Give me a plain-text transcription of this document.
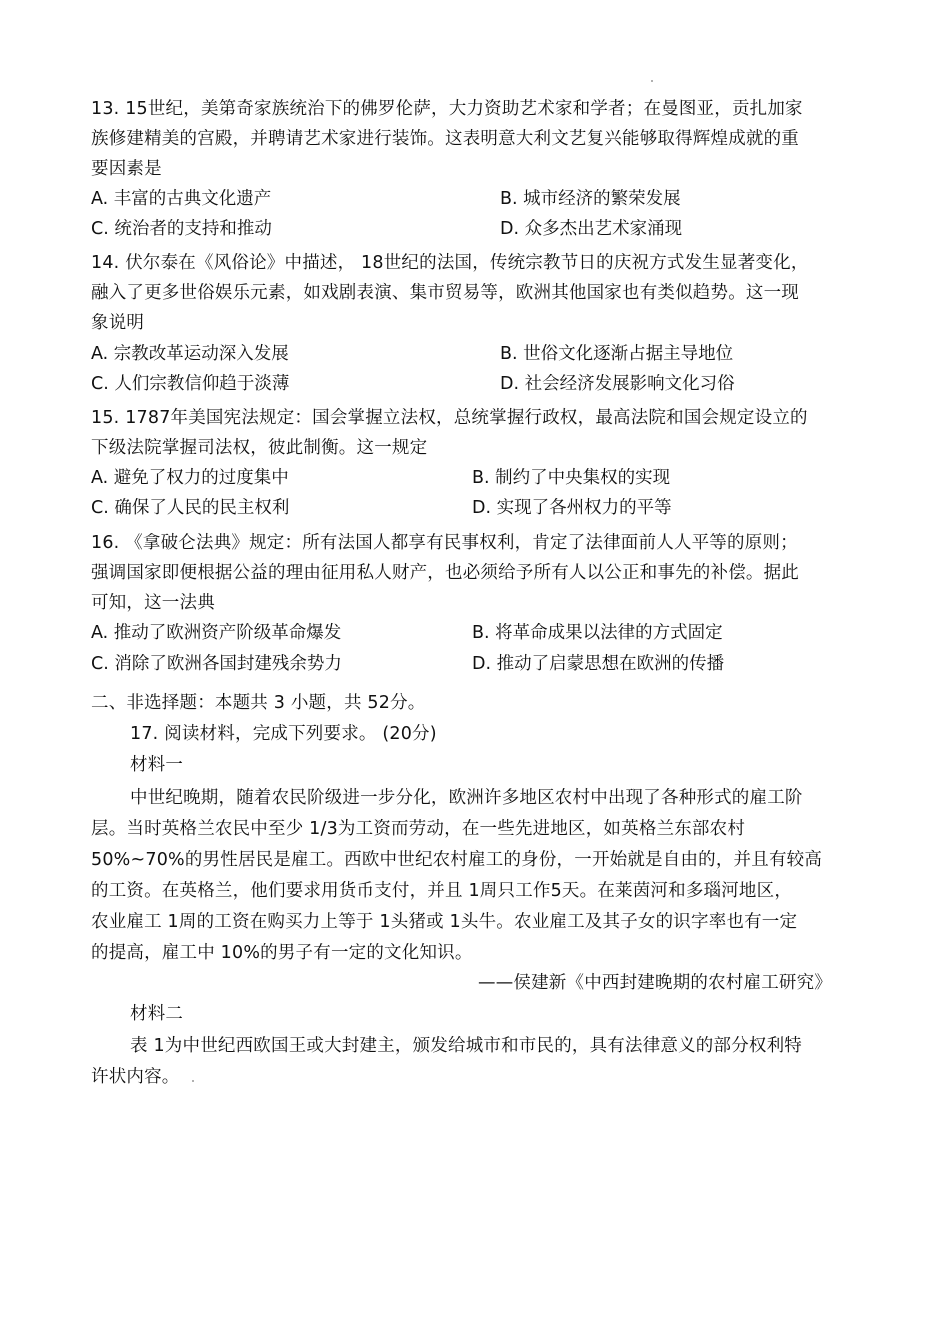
13. 15世纪，美第奇家族统治下的佛罗伦萨，大力资助艺术家和学者；在曼图亚，贡扎加家
族修建精美的宫殿，并聘请艺术家进行装饰。这表明意大利文艺复兴能够取得辉煌成就的重
要因素是
A. 丰富的古典文化遗产	B. 城市经济的繁荣发展
C. 统治者的支持和推动	D. 众多杰出艺术家涌现
14. 伏尔泰在《风俗论》中描述， 18世纪的法国，传统宗教节日的庆祝方式发生显著变化，
融入了更多世俗娱乐元素，如戏剧表演、集市贸易等，欧洲其他国家也有类似趋势。这一现
象说明
A. 宗教改革运动深入发展	B. 世俗文化逐渐占据主导地位
C. 人们宗教信仰趋于淡薄	D. 社会经济发展影响文化习俗
15. 1787年美国宪法规定：国会掌握立法权，总统掌握行政权，最高法院和国会规定设立的
下级法院掌握司法权，彼此制衡。这一规定
A. 避免了权力的过度集中	B. 制约了中央集权的实现
C. 确保了人民的民主权利	D. 实现了各州权力的平等
16. 《拿破仑法典》规定：所有法国人都享有民事权利，肯定了法律面前人人平等的原则；
强调国家即便根据公益的理由征用私人财产，也必须给予所有人以公正和事先的补偿。据此
可知，这一法典
A. 推动了欧洲资产阶级革命爆发	B. 将革命成果以法律的方式固定
C. 消除了欧洲各国封建残余势力	D. 推动了启蒙思想在欧洲的传播
二、非选择题：本题共 3 小题，共 52分。
17. 阅读材料，完成下列要求。 (20分)
材料一
中世纪晚期，随着农民阶级进一步分化，欧洲许多地区农村中出现了各种形式的雇工阶
层。当时英格兰农民中至少 1/3为工资而劳动，在一些先进地区，如英格兰东部农村
50%~70%的男性居民是雇工。西欧中世纪农村雇工的身份，一开始就是自由的，并且有较高
的工资。在英格兰，他们要求用货币支付，并且 1周只工作5天。在莱茵河和多瑙河地区，
农业雇工 1周的工资在购买力上等于 1头猪或 1头牛。农业雇工及其子女的识字率也有一定
的提高，雇工中 10%的男子有一定的文化知识。
——侯建新《中西封建晚期的农村雇工研究》
材料二
表 1为中世纪西欧国王或大封建主，颁发给城市和市民的，具有法律意义的部分权利特
许状内容。
